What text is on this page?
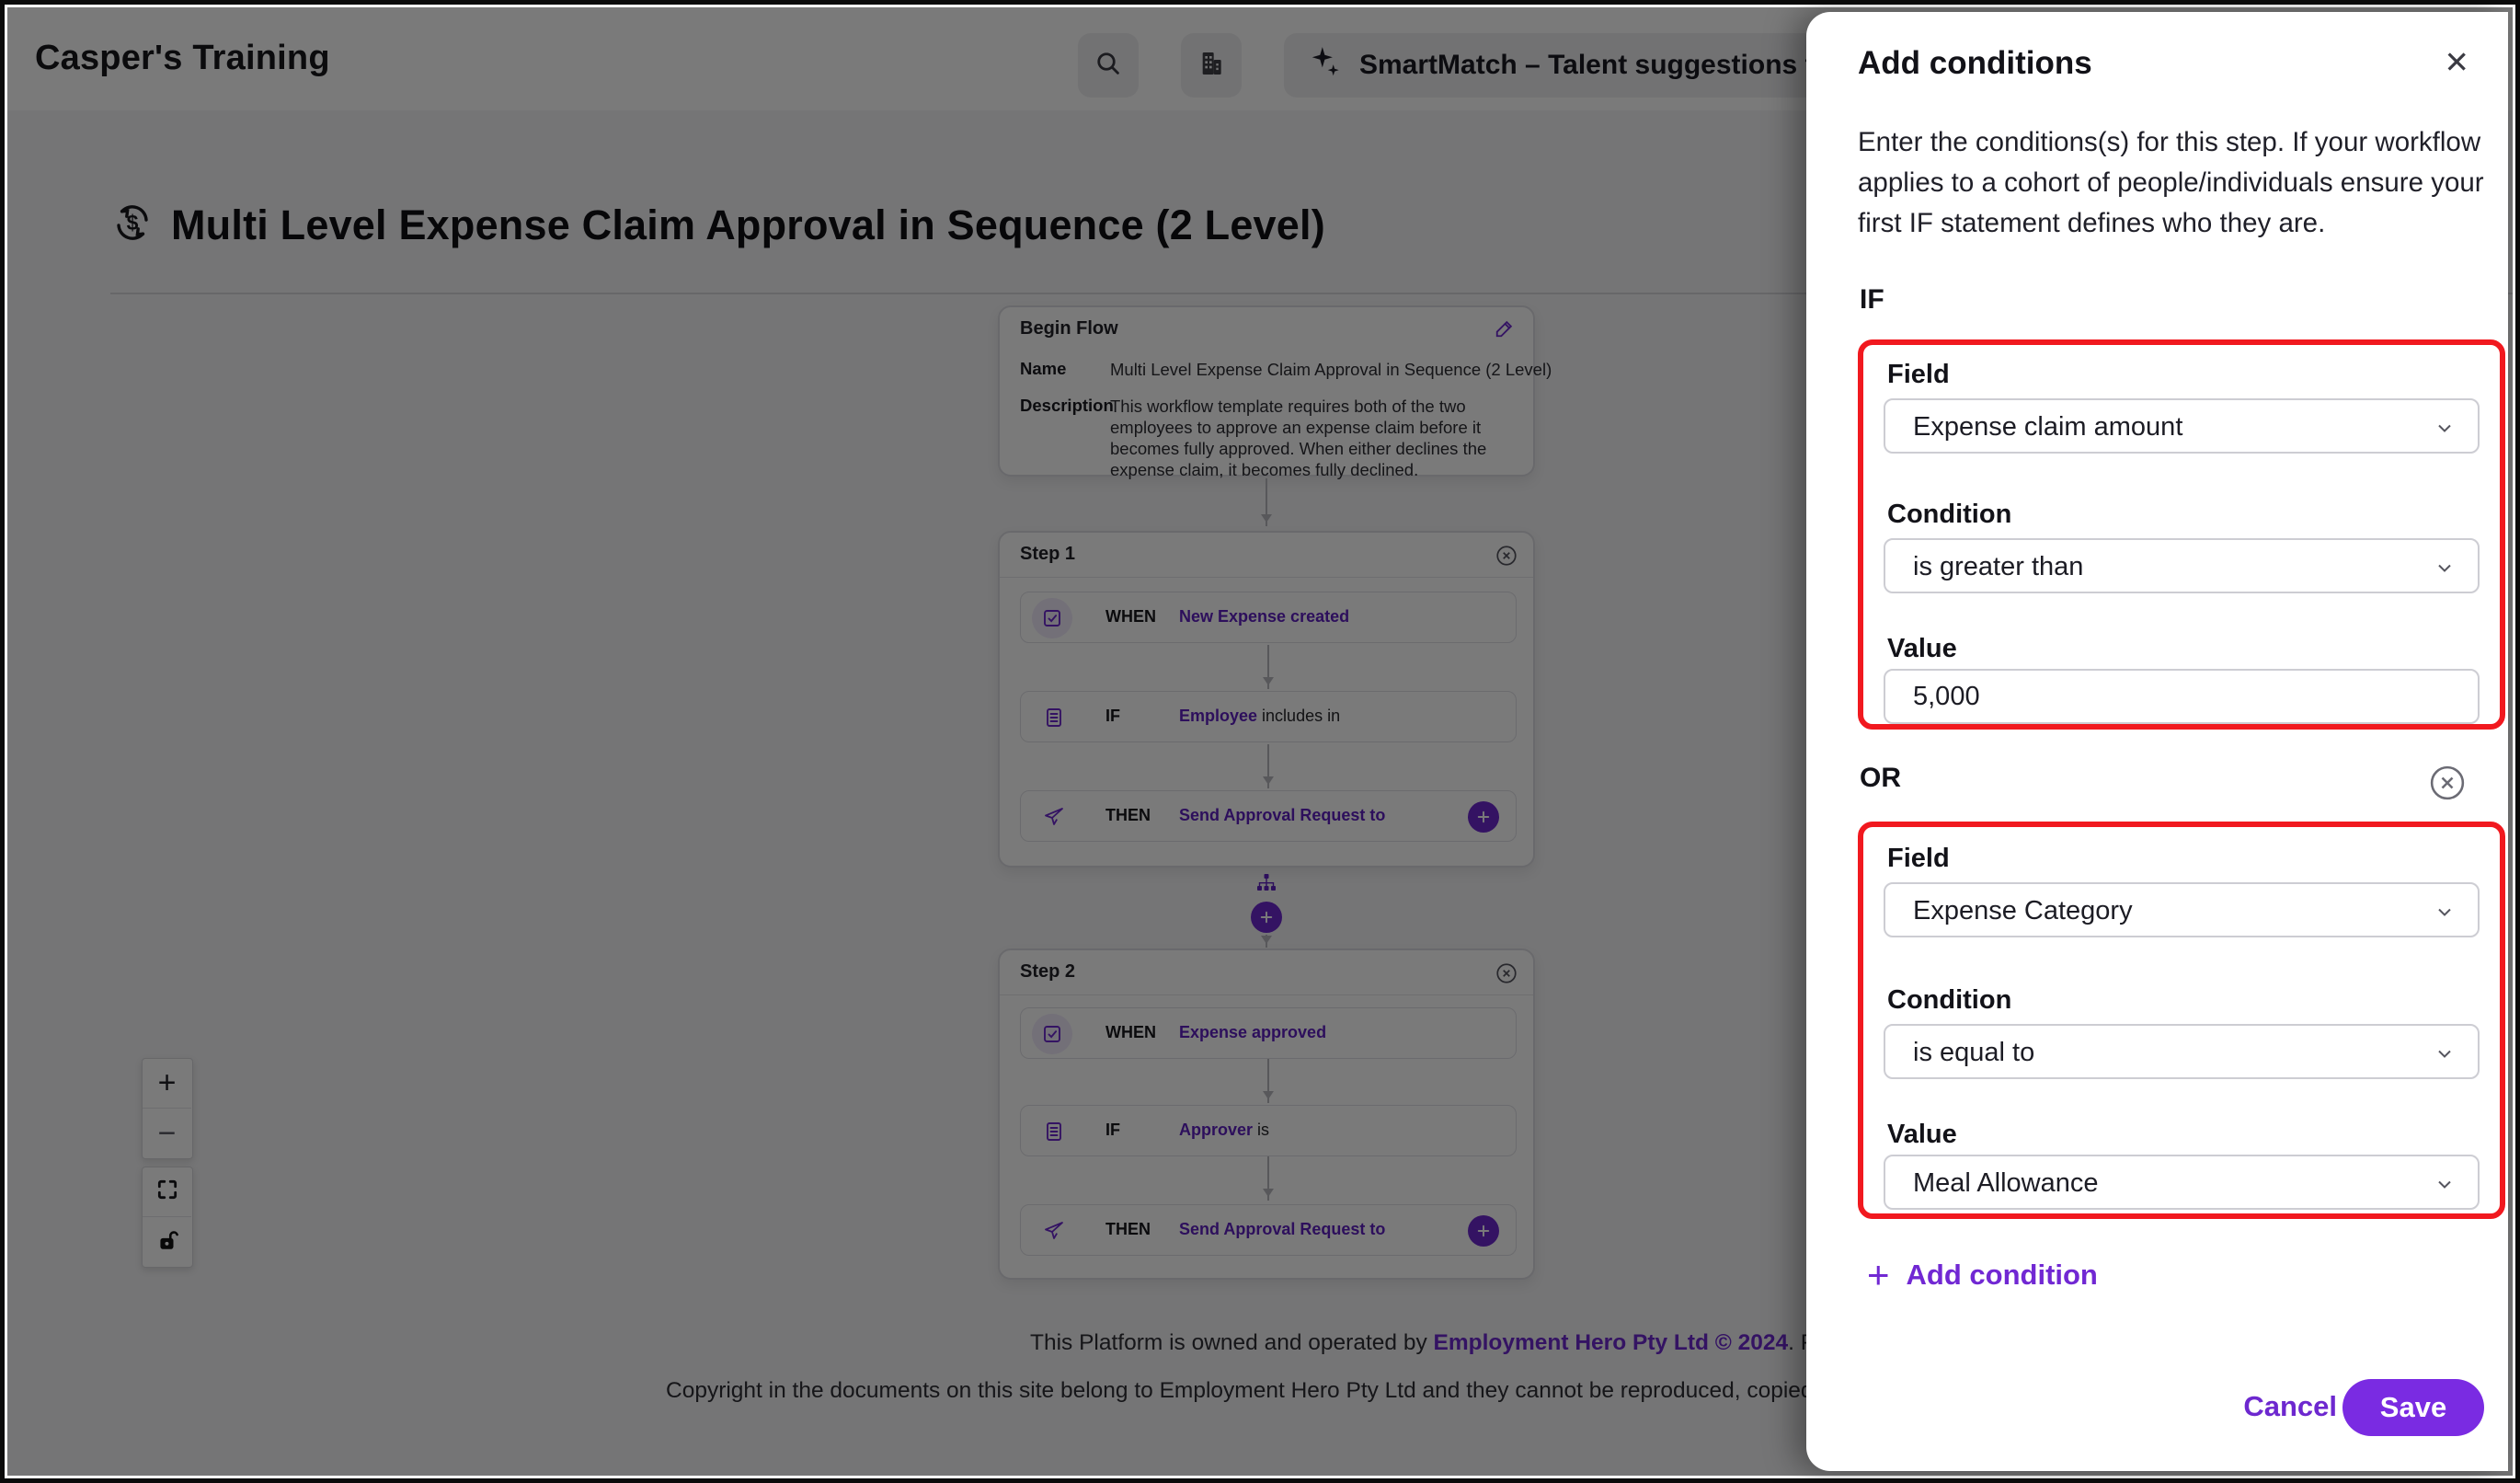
Add conditions	✕
Enter the conditions(s) for this step. If your workflow applies to a cohort of people/individuals ensure your first IF statement defines who they are.
IF
Field
Expense claim amount
Condition
is greater than
Value
5,000
OR
Field
Expense Category
Condition
is equal to
Value
Meal Allowance
+ Add condition
Cancel	Save
